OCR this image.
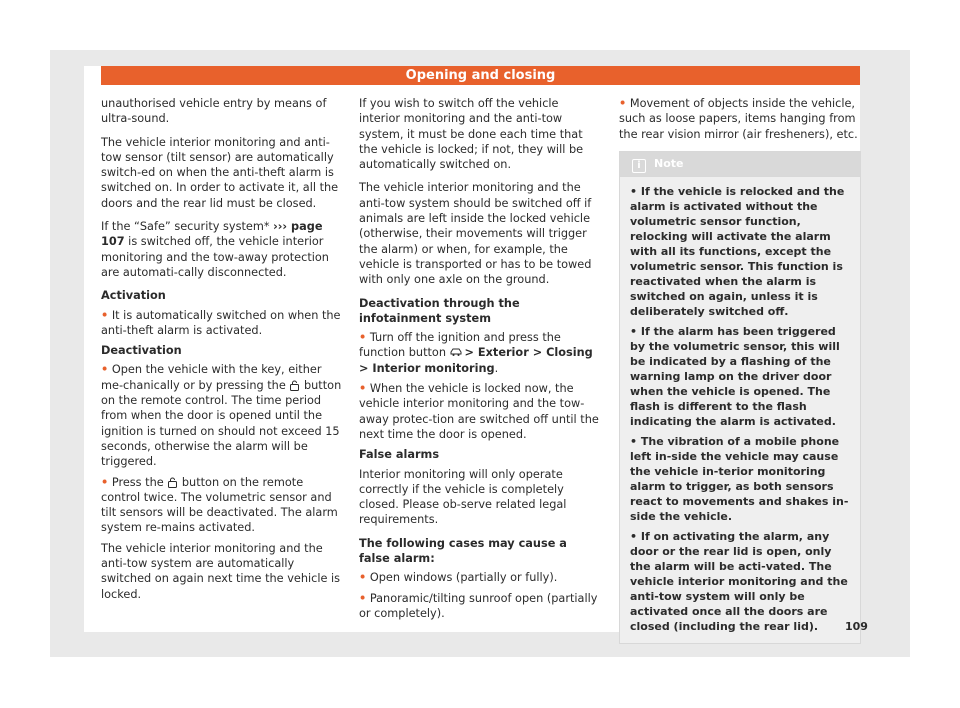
Opening and closing

unauthorised vehicle entry by means of ultra-sound.

The vehicle interior monitoring and anti-tow sensor (tilt sensor) are automatically switch-ed on when the anti-theft alarm is switched on. In order to activate it, all the doors and the rear lid must be closed.

If the “Safe” security system* ››› page 107 is switched off, the vehicle interior monitoring and the tow-away protection are automati-cally disconnected.

Activation

• It is automatically switched on when the anti-theft alarm is activated.

Deactivation

• Open the vehicle with the key, either me-chanically or by pressing the
button on the remote control. The time period from when the door is opened until the ignition is turned on should not exceed 15 seconds, otherwise the alarm will be triggered.

• Press the
button on the remote control twice. The volumetric sensor and tilt sensors will be deactivated. The alarm system re-mains activated.

The vehicle interior monitoring and the anti-tow system are automatically switched on again next time the vehicle is locked.

If you wish to switch off the vehicle interior monitoring and the anti-tow system, it must be done each time that the vehicle is locked; if not, they will be automatically switched on.

The vehicle interior monitoring and the anti-tow system should be switched off if animals are left inside the locked vehicle (otherwise, their movements will trigger the alarm) or when, for example, the vehicle is transported or has to be towed with only one axle on the ground.

Deactivation through the infotainment system

• Turn off the ignition and press the function button
> Exterior > Closing > Interior monitoring.

• When the vehicle is locked now, the vehicle interior monitoring and the tow-away protec-tion are switched off until the next time the door is opened.

False alarms

Interior monitoring will only operate correctly if the vehicle is completely closed. Please ob-serve related legal requirements.

The following cases may cause a false alarm:

• Open windows (partially or fully).

• Panoramic/tilting sunroof open (partially or completely).

• Movement of objects inside the vehicle, such as loose papers, items hanging from the rear vision mirror (air fresheners), etc.

i Note

• If the vehicle is relocked and the alarm is activated without the volumetric sensor function, relocking will activate the alarm with all its functions, except the volumetric sensor. This function is reactivated when the alarm is switched on again, unless it is deliberately switched off.

• If the alarm has been triggered by the volumetric sensor, this will be indicated by a flashing of the warning lamp on the driver door when the vehicle is opened. The flash is different to the flash indicating the alarm is activated.

• The vibration of a mobile phone left in-side the vehicle may cause the vehicle in-terior monitoring alarm to trigger, as both sensors react to movements and shakes in-side the vehicle.

• If on activating the alarm, any door or the rear lid is open, only the alarm will be acti-vated. The vehicle interior monitoring and the anti-tow system will only be activated once all the doors are closed (including the rear lid).	109
